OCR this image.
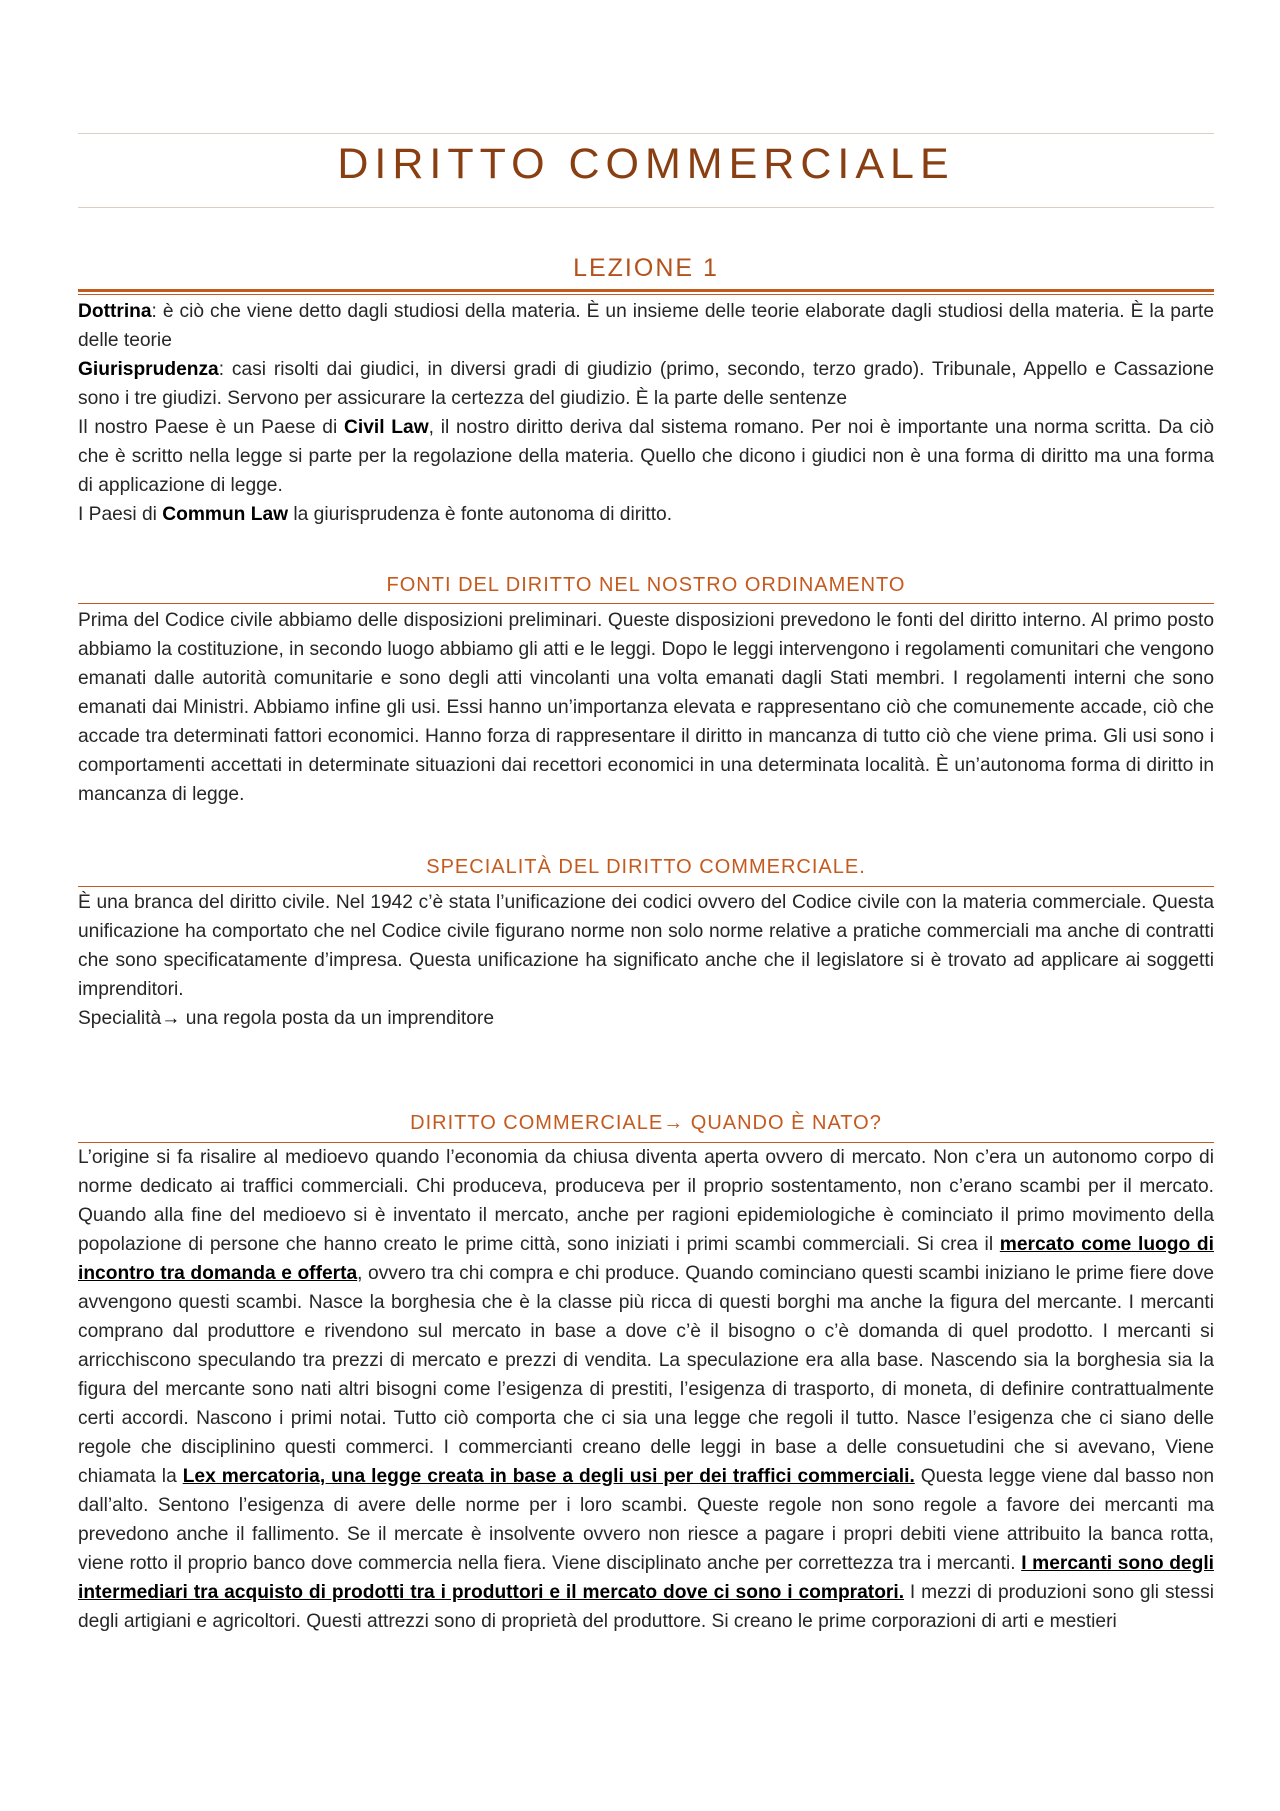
DIRITTO COMMERCIALE
LEZIONE 1

Dottrina: è ciò che viene detto dagli studiosi della materia. È un insieme delle teorie elaborate dagli studiosi della materia. È la parte delle teorie

Giurisprudenza: casi risolti dai giudici, in diversi gradi di giudizio (primo, secondo, terzo grado). Tribunale, Appello e Cassazione sono i tre giudizi. Servono per assicurare la certezza del giudizio. È la parte delle sentenze

Il nostro Paese è un Paese di Civil Law, il nostro diritto deriva dal sistema romano. Per noi è importante una norma scritta. Da ciò che è scritto nella legge si parte per la regolazione della materia. Quello che dicono i giudici non è una forma di diritto ma una forma di applicazione di legge.

I Paesi di Commun Law la giurisprudenza è fonte autonoma di diritto.

FONTI DEL DIRITTO NEL NOSTRO ORDINAMENTO

Prima del Codice civile abbiamo delle disposizioni preliminari. Queste disposizioni prevedono le fonti del diritto interno. Al primo posto abbiamo la costituzione, in secondo luogo abbiamo gli atti e le leggi. Dopo le leggi intervengono i regolamenti comunitari che vengono emanati dalle autorità comunitarie e sono degli atti vincolanti una volta emanati dagli Stati membri. I regolamenti interni che sono emanati dai Ministri. Abbiamo infine gli usi. Essi hanno un’importanza elevata e rappresentano ciò che comunemente accade, ciò che accade tra determinati fattori economici. Hanno forza di rappresentare il diritto in mancanza di tutto ciò che viene prima. Gli usi sono i comportamenti accettati in determinate situazioni dai recettori economici in una determinata località. È un’autonoma forma di diritto in mancanza di legge.

SPECIALITÀ DEL DIRITTO COMMERCIALE.

È una branca del diritto civile. Nel 1942 c’è stata l’unificazione dei codici ovvero del Codice civile con la materia commerciale. Questa unificazione ha comportato che nel Codice civile figurano norme non solo norme relative a pratiche commerciali ma anche di contratti che sono specificatamente d’impresa. Questa unificazione ha significato anche che il legislatore si è trovato ad applicare ai soggetti imprenditori.

Specialità→ una regola posta da un imprenditore

DIRITTO COMMERCIALE→ QUANDO È NATO?

L’origine si fa risalire al medioevo quando l’economia da chiusa diventa aperta ovvero di mercato. Non c’era un autonomo corpo di norme dedicato ai traffici commerciali. Chi produceva, produceva per il proprio sostentamento, non c’erano scambi per il mercato. Quando alla fine del medioevo si è inventato il mercato, anche per ragioni epidemiologiche è cominciato il primo movimento della popolazione di persone che hanno creato le prime città, sono iniziati i primi scambi commerciali. Si crea il mercato come luogo di incontro tra domanda e offerta, ovvero tra chi compra e chi produce. Quando cominciano questi scambi iniziano le prime fiere dove avvengono questi scambi. Nasce la borghesia che è la classe più ricca di questi borghi ma anche la figura del mercante. I mercanti comprano dal produttore e rivendono sul mercato in base a dove c’è il bisogno o c’è domanda di quel prodotto. I mercanti si arricchiscono speculando tra prezzi di mercato e prezzi di vendita. La speculazione era alla base. Nascendo sia la borghesia sia la figura del mercante sono nati altri bisogni come l’esigenza di prestiti, l’esigenza di trasporto, di moneta, di definire contrattualmente certi accordi. Nascono i primi notai. Tutto ciò comporta che ci sia una legge che regoli il tutto. Nasce l’esigenza che ci siano delle regole che disciplinino questi commerci. I commercianti creano delle leggi in base a delle consuetudini che si avevano, Viene chiamata la Lex mercatoria, una legge creata in base a degli usi per dei traffici commerciali. Questa legge viene dal basso non dall’alto. Sentono l’esigenza di avere delle norme per i loro scambi. Queste regole non sono regole a favore dei mercanti ma prevedono anche il fallimento. Se il mercate è insolvente ovvero non riesce a pagare i propri debiti viene attribuito la banca rotta, viene rotto il proprio banco dove commercia nella fiera. Viene disciplinato anche per correttezza tra i mercanti. I mercanti sono degli intermediari tra acquisto di prodotti tra i produttori e il mercato dove ci sono i compratori. I mezzi di produzioni sono gli stessi degli artigiani e agricoltori. Questi attrezzi sono di proprietà del produttore. Si creano le prime corporazioni di arti e mestieri
